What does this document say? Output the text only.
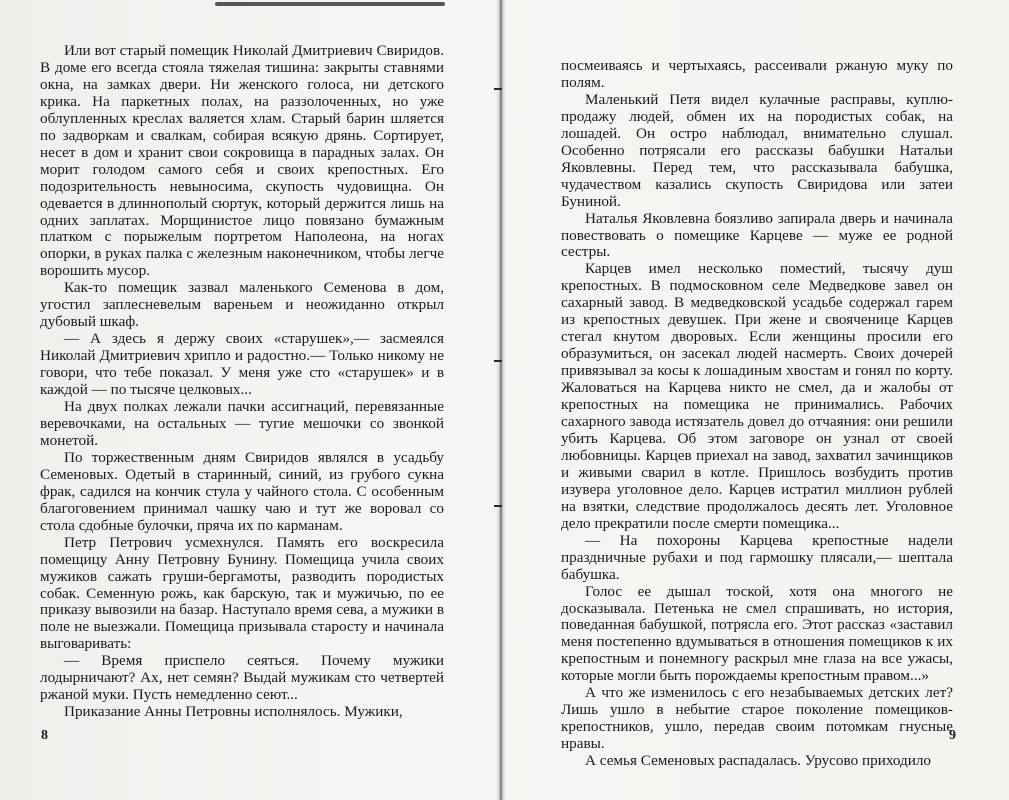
Или вот старый помещик Николай Дмитриевич Свиридов. В доме его всегда стояла тяжелая тишина: закрыты ставнями окна, на замках двери. Ни женского голоса, ни детского крика. На паркетных полах, на раззолоченных, но уже облупленных креслах валяется хлам. Старый барин шляется по задворкам и свалкам, собирая всякую дрянь. Сортирует, несет в дом и хранит свои сокровища в парадных залах. Он морит голодом самого себя и своих крепостных. Его подозрительность невыносима, скупость чудовищна. Он одевается в длиннополый сюртук, который держится лишь на одних заплатах. Морщинистое лицо повязано бумажным платком с порыжелым портретом Наполеона, на ногах опорки, в руках палка с железным наконечником, чтобы легче ворошить мусор.

Как-то помещик зазвал маленького Семенова в дом, угостил заплесневелым вареньем и неожиданно открыл дубовый шкаф.

— А здесь я держу своих «старушек»,— засмеялся Николай Дмитриевич хрипло и радостно.— Только никому не говори, что тебе показал. У меня уже сто «старушек» и в каждой — по тысяче целковых...

На двух полках лежали пачки ассигнаций, перевязанные веревочками, на остальных — тугие мешочки со звонкой монетой.

По торжественным дням Свиридов являлся в усадьбу Семеновых. Одетый в старинный, синий, из грубого сукна фрак, садился на кончик стула у чайного стола. С особенным благоговением принимал чашку чаю и тут же воровал со стола сдобные булочки, пряча их по карманам.

Петр Петрович усмехнулся. Память его воскресила помещицу Анну Петровну Бунину. Помещица учила своих мужиков сажать груши-бергамоты, разводить породистых собак. Семенную рожь, как барскую, так и мужичью, по ее приказу вывозили на базар. Наступало время сева, а мужики в поле не выезжали. Помещица призывала старосту и начинала выговаривать:

— Время приспело сеяться. Почему мужики лодырничают? Ах, нет семян? Выдай мужикам сто четвертей ржаной муки. Пусть немедленно сеют...

Приказание Анны Петровны исполнялось. Мужики,

8

посмеиваясь и чертыхаясь, рассеивали ржаную муку по полям.

Маленький Петя видел кулачные расправы, куплю-продажу людей, обмен их на породистых собак, на лошадей. Он остро наблюдал, внимательно слушал. Особенно потрясали его рассказы бабушки Натальи Яковлевны. Перед тем, что рассказывала бабушка, чудачеством казались скупость Свиридова или затеи Буниной.

Наталья Яковлевна боязливо запирала дверь и начинала повествовать о помещике Карцеве — муже ее родной сестры.

Карцев имел несколько поместий, тысячу душ крепостных. В подмосковном селе Медведкове завел он сахарный завод. В медведковской усадьбе содержал гарем из крепостных девушек. При жене и свояченице Карцев стегал кнутом дворовых. Если женщины просили его образумиться, он засекал людей насмерть. Своих дочерей привязывал за косы к лошадиным хвостам и гонял по корту. Жаловаться на Карцева никто не смел, да и жалобы от крепостных на помещика не принимались. Рабочих сахарного завода истязатель довел до отчаяния: они решили убить Карцева. Об этом заговоре он узнал от своей любовницы. Карцев приехал на завод, захватил зачинщиков и живыми сварил в котле. Пришлось возбудить против изувера уголовное дело. Карцев истратил миллион рублей на взятки, следствие продолжалось десять лет. Уголовное дело прекратили после смерти помещика...

— На похороны Карцева крепостные надели праздничные рубахи и под гармошку плясали,— шептала бабушка.

Голос ее дышал тоской, хотя она многого не досказывала. Петенька не смел спрашивать, но история, поведанная бабушкой, потрясла его. Этот рассказ «заставил меня постепенно вдумываться в отношения помещиков к их крепостным и понемногу раскрыл мне глаза на все ужасы, которые могли быть порождаемы крепостным правом...»

А что же изменилось с его незабываемых детских лет? Лишь ушло в небытие старое поколение помещиков-крепостников, ушло, передав своим потомкам гнусные нравы.

А семья Семеновых распадалась. Урусово приходило

9
